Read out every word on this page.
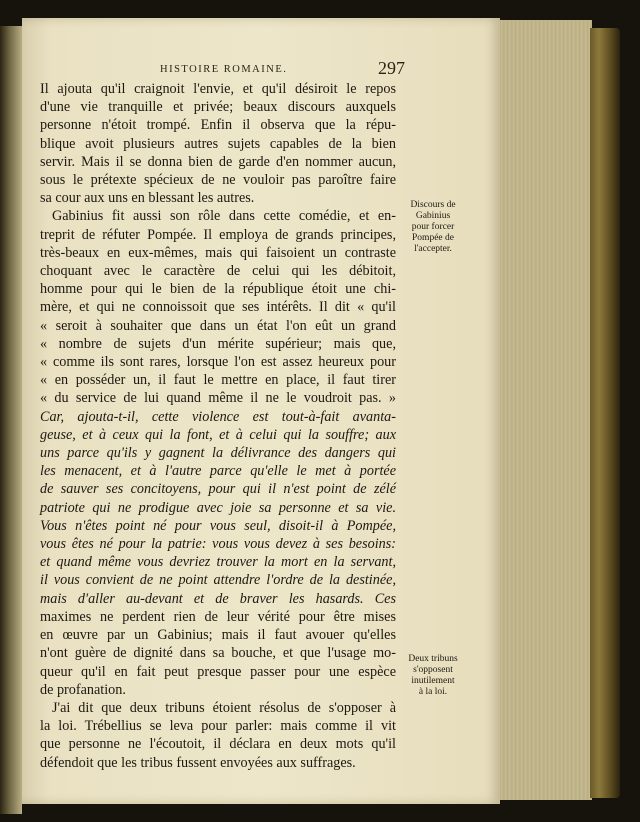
HISTOIRE ROMAINE.	297
Il ajouta qu'il craignoit l'envie, et qu'il désiroit le repos
d'une vie tranquille et privée; beaux discours auxquels
personne n'étoit trompé. Enfin il observa que la répu-
blique avoit plusieurs autres sujets capables de la bien
servir. Mais il se donna bien de garde d'en nommer aucun,
sous le prétexte spécieux de ne vouloir pas paroître faire
sa cour aux uns en blessant les autres.
Gabinius fit aussi son rôle dans cette comédie, et en-
treprit de réfuter Pompée. Il employa de grands principes,
très-beaux en eux-mêmes, mais qui faisoient un contraste
choquant avec le caractère de celui qui les débitoit,
homme pour qui le bien de la république étoit une chi-
mère, et qui ne connoissoit que ses intérêts. Il dit « qu'il
« seroit à souhaiter que dans un état l'on eût un grand
« nombre de sujets d'un mérite supérieur; mais que,
« comme ils sont rares, lorsque l'on est assez heureux pour
« en posséder un, il faut le mettre en place, il faut tirer
« du service de lui quand même il ne le voudroit pas. »
Car, ajouta-t-il, cette violence est tout-à-fait avanta-
geuse, et à ceux qui la font, et à celui qui la souffre; aux
uns parce qu'ils y gagnent la délivrance des dangers qui
les menacent, et à l'autre parce qu'elle le met à portée
de sauver ses concitoyens, pour qui il n'est point de zélé
patriote qui ne prodigue avec joie sa personne et sa vie.
Vous n'êtes point né pour vous seul, disoit-il à Pompée,
vous êtes né pour la patrie: vous vous devez à ses besoins:
et quand même vous devriez trouver la mort en la servant,
il vous convient de ne point attendre l'ordre de la destinée,
mais d'aller au-devant et de braver les hasards. Ces
maximes ne perdent rien de leur vérité pour être mises
en œuvre par un Gabinius; mais il faut avouer qu'elles
n'ont guère de dignité dans sa bouche, et que l'usage mo-
queur qu'il en fait peut presque passer pour une espèce
de profanation.
J'ai dit que deux tribuns étoient résolus de s'opposer à
la loi. Trébellius se leva pour parler: mais comme il vit
que personne ne l'écoutoit, il déclara en deux mots qu'il
défendoit que les tribus fussent envoyées aux suffrages.
Discours de
Gabinius
pour forcer
Pompée de
l'accepter.
Deux tribuns
s'opposent
inutilement
à la loi.
